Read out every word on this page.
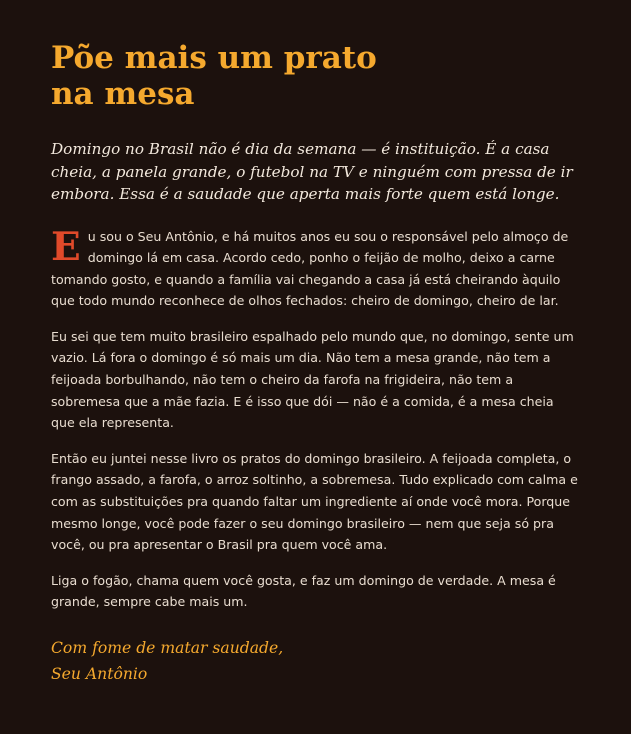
Põe mais um prato
na mesa

Domingo no Brasil não é dia da semana — é instituição. É a casa cheia, a panela grande, o futebol na TV e ninguém com pressa de ir embora. Essa é a saudade que aperta mais forte quem está longe.

Eu sou o Seu Antônio, e há muitos anos eu sou o responsável pelo almoço de domingo lá em casa. Acordo cedo, ponho o feijão de molho, deixo a carne tomando gosto, e quando a família vai chegando a casa já está cheirando àquilo que todo mundo reconhece de olhos fechados: cheiro de domingo, cheiro de lar.

Eu sei que tem muito brasileiro espalhado pelo mundo que, no domingo, sente um vazio. Lá fora o domingo é só mais um dia. Não tem a mesa grande, não tem a feijoada borbulhando, não tem o cheiro da farofa na frigideira, não tem a sobremesa que a mãe fazia. E é isso que dói — não é a comida, é a mesa cheia que ela representa.

Então eu juntei nesse livro os pratos do domingo brasileiro. A feijoada completa, o frango assado, a farofa, o arroz soltinho, a sobremesa. Tudo explicado com calma e com as substituições pra quando faltar um ingrediente aí onde você mora. Porque mesmo longe, você pode fazer o seu domingo brasileiro — nem que seja só pra você, ou pra apresentar o Brasil pra quem você ama.

Liga o fogão, chama quem você gosta, e faz um domingo de verdade. A mesa é grande, sempre cabe mais um.

Com fome de matar saudade,
Seu Antônio
